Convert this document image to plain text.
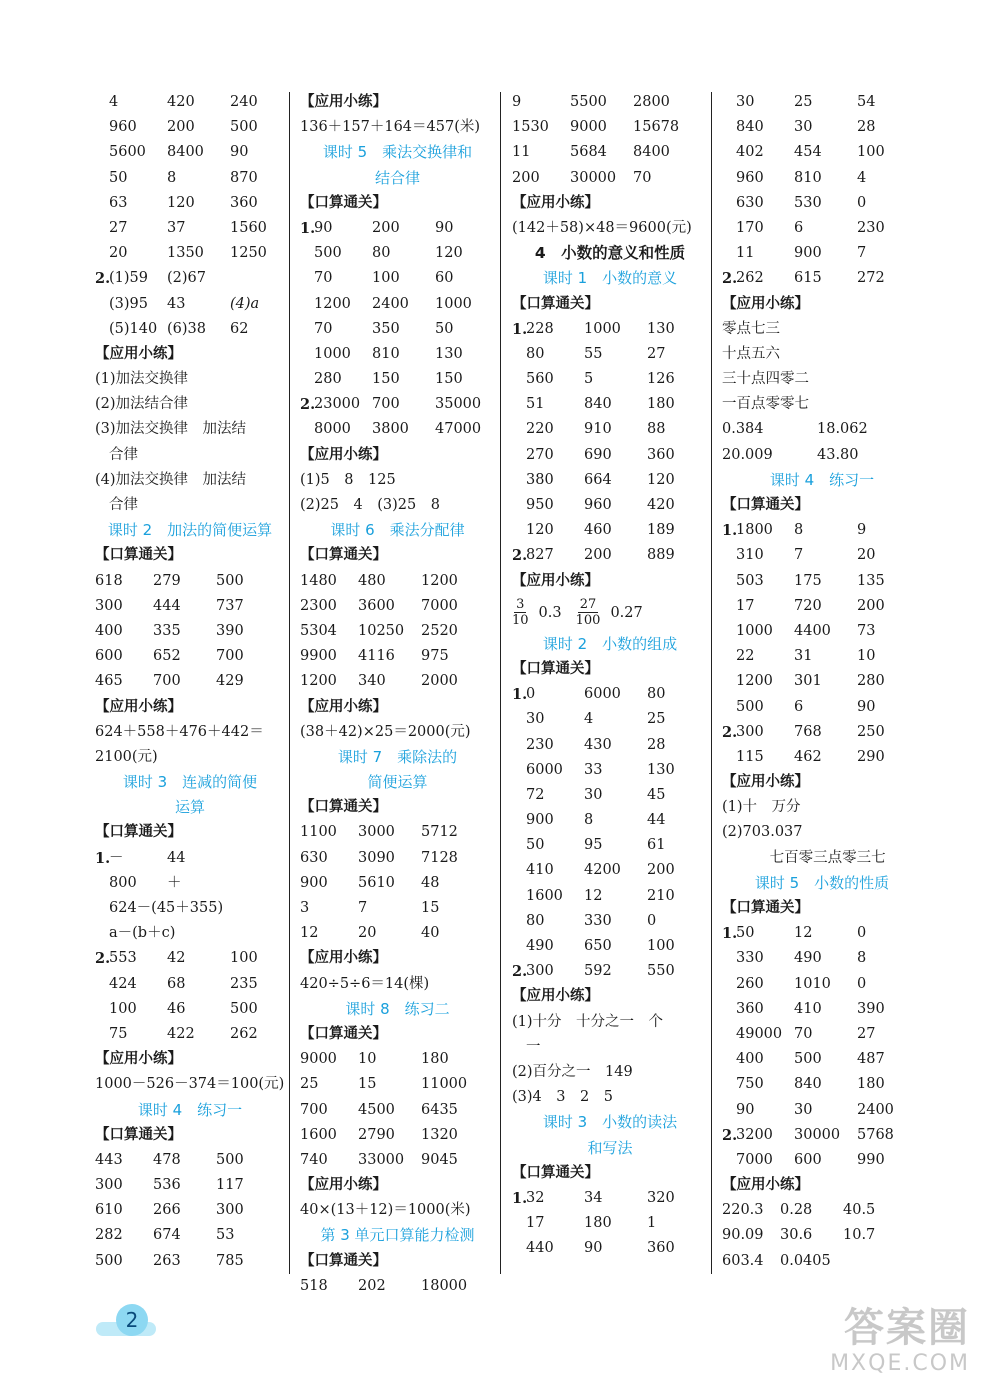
4	420 240
960 200 500
5600 8400 90
50	8	870
63	120 360
27	37	1560
20	1350 1250
2.
(1)59 (2)67
(3)95 43	(4)a
(5)140 (6)38 62
【应用小练】
(1)加法交换律
(2)加法结合律
(3)加法交换律　加法结
合律
(4)加法交换律　加法结
合律
课时 2　加法的简便运算
【口算通关】
618 279 500
300 444 737
400 335 390
600 652 700
465 700 429
【应用小练】
624＋558＋476＋442＝
2100(元)
课时 3　连减的简便
运算
【口算通关】
1.
－	44
800 ＋
624－(45＋355)
a－(b＋c)
2.
553 42	100
424 68	235
100 46	500
75	422 262
【应用小练】
1000－526－374＝100(元)
课时 4　练习一
【口算通关】
443 478 500
300 536 117
610 266 300
282 674 53
500 263 785
【应用小练】
136＋157＋164＝457(米)
课时 5　乘法交换律和
结合律
【口算通关】
1.
90	200 90
500 80	120
70	100 60
1200 2400 1000
70	350 50
1000 810 130
280 150 150
2.
23000 700 35000
8000 3800 47000
【应用小练】
(1)5　8　125
(2)25　4　(3)25　8
课时 6　乘法分配律
【口算通关】
1480 480 1200
2300 3600 7000
5304 10250 2520
9900 4116 975
1200 340 2000
【应用小练】
(38＋42)×25＝2000(元)
课时 7　乘除法的
简便运算
【口算通关】
1100 3000 5712
630 3090 7128
900 5610 48
3	7	15
12	20	40
【应用小练】
420÷5÷6＝14(棵)
课时 8　练习二
【口算通关】
9000 10	180
25	15	11000
700 4500 6435
1600 2790 1320
740 33000 9045
【应用小练】
40×(13＋12)＝1000(米)
第 3 单元口算能力检测
【口算通关】
518 202 18000
9	5500 2800
1530 9000 15678
11	5684 8400
200 30000 70
【应用小练】
(142＋58)×48＝9600(元)
4　小数的意义和性质
课时 1　小数的意义
【口算通关】
1.
228 1000 130
80	55	27
560 5	126
51	840 180
220 910 88
270 690 360
380 664 120
950 960 420
120 460 189
2.
827 200 889
【应用小练】
$\frac{3}{10} 0.3 \frac{27}{100} 0.27$
课时 2　小数的组成
【口算通关】
1.
0	6000 80
30	4	25
230 430 28
6000 33	130
72	30	45
900 8	44
50	95	61
410 4200 200
1600 12	210
80	330 0
490 650 100
2.
300 592 550
【应用小练】
(1)十分　十分之一　个
一
(2)百分之一　149
(3)4　3　2　5
课时 3　小数的读法
和写法
【口算通关】
1.
32	34	320
17	180 1
440 90	360
30	25	54
840 30	28
402 454 100
960 810 4
630 530 0
170 6	230
11	900 7
2.
262 615 272
【应用小练】
零点七三
十点五六
三十点四零二
一百点零零七
0.384	18.062
20.009	43.80
课时 4　练习一
【口算通关】
1.
1800 8	9
310 7	20
503 175 135
17	720 200
1000 4400 73
22	31	10
1200 301 280
500 6	90
2.
300 768 250
115 462 290
【应用小练】
(1)十　万分
(2)703.037
七百零三点零三七
课时 5　小数的性质
【口算通关】
1.
50	12	0
330 490 8
260 1010 0
360 410 390
49000 70	27
400 500 487
750 840 180
90	30	2400
2.
3200 30000 5768
7000 600 990
【应用小练】
220.3 0.28 40.5
90.09 30.6 10.7
603.4 0.0405
2	答案圈
MXQE.COM
